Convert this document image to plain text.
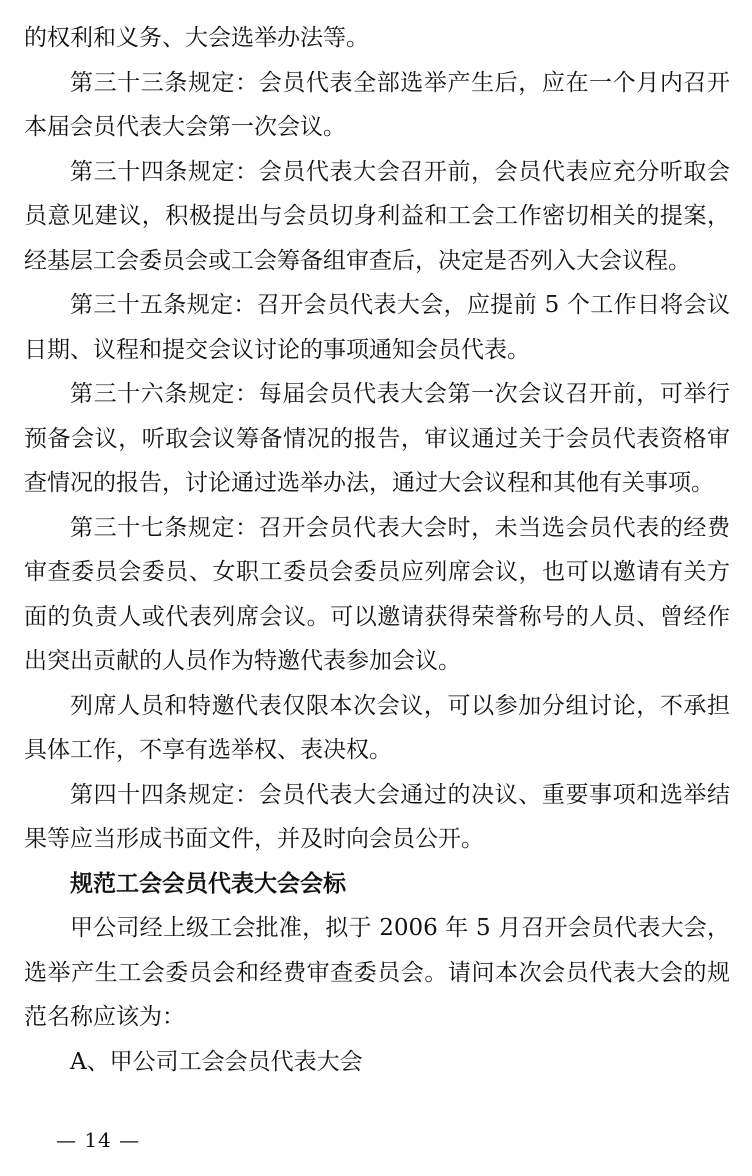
的权利和义务、大会选举办法等。

第三十三条规定：会员代表全部选举产生后，应在一个月内召开本届会员代表大会第一次会议。

第三十四条规定：会员代表大会召开前，会员代表应充分听取会员意见建议，积极提出与会员切身利益和工会工作密切相关的提案，经基层工会委员会或工会筹备组审查后，决定是否列入大会议程。

第三十五条规定：召开会员代表大会，应提前 5 个工作日将会议日期、议程和提交会议讨论的事项通知会员代表。

第三十六条规定：每届会员代表大会第一次会议召开前，可举行预备会议，听取会议筹备情况的报告，审议通过关于会员代表资格审查情况的报告，讨论通过选举办法，通过大会议程和其他有关事项。

第三十七条规定：召开会员代表大会时，未当选会员代表的经费审查委员会委员、女职工委员会委员应列席会议，也可以邀请有关方面的负责人或代表列席会议。可以邀请获得荣誉称号的人员、曾经作出突出贡献的人员作为特邀代表参加会议。

列席人员和特邀代表仅限本次会议，可以参加分组讨论，不承担具体工作，不享有选举权、表决权。

第四十四条规定：会员代表大会通过的决议、重要事项和选举结果等应当形成书面文件，并及时向会员公开。

规范工会会员代表大会会标

甲公司经上级工会批准，拟于 2006 年 5 月召开会员代表大会，选举产生工会委员会和经费审查委员会。请问本次会员代表大会的规范名称应该为：

A、甲公司工会会员代表大会

— 14 —
